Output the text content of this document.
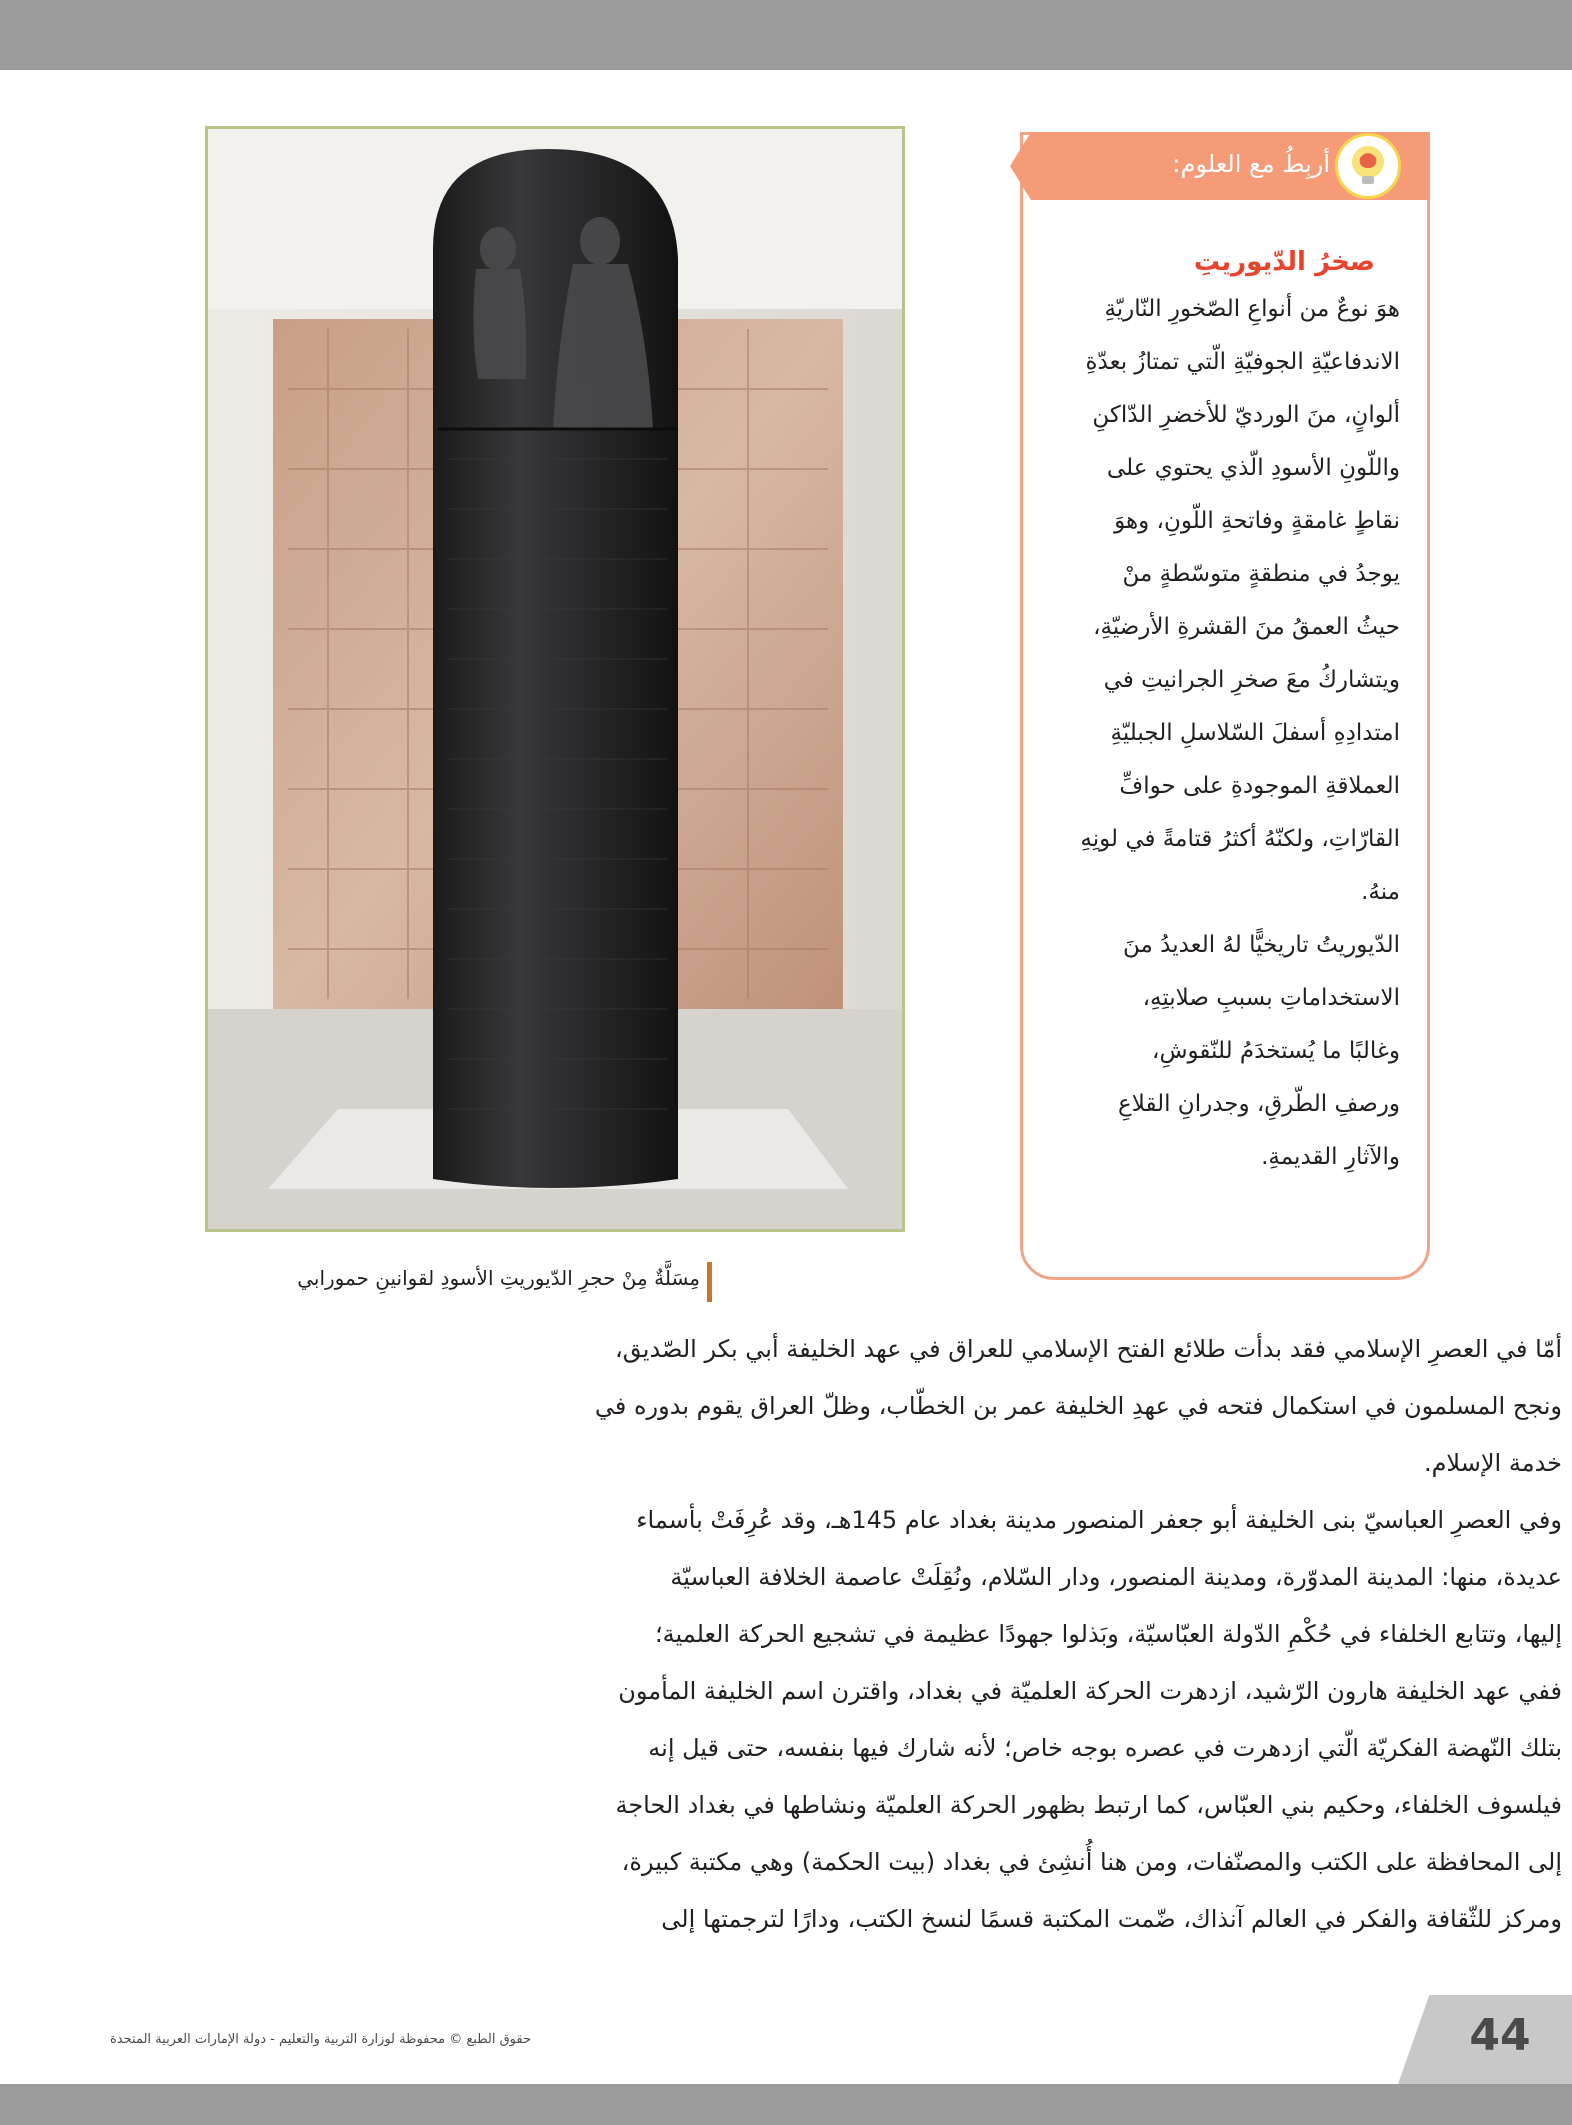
مِسَلَّةٌ مِنْ حجرِ الدّيوريتِ الأسودِ لقوانينِ حمورابي
أربِطُ مع العلوم:
صخرُ الدّيوريتِ
هوَ نوعٌ من أنواعِ الصّخورِ النّاريّةِ
الاندفاعيّةِ الجوفيّةِ الّتي تمتازُ بعدّةِ
ألوانٍ، منَ الورديّ للأخضرِ الدّاكنِ
واللّونِ الأسودِ الّذي يحتوي على
نقاطٍ غامقةٍ وفاتحةِ اللّونِ، وهوَ
يوجدُ في منطقةٍ متوسّطةٍ منْ
حيثُ العمقُ منَ القشرةِ الأرضيّةِ،
ويتشاركُ معَ صخرِ الجرانيتِ في
امتدادِهِ أسفلَ السّلاسلِ الجبليّةِ
العملاقةِ الموجودةِ على حوافِّ
القارّاتِ، ولكنّهُ أكثرُ قتامةً في لونِهِ
منهُ.
الدّيوريتُ تاريخيًّا لهُ العديدُ منَ
الاستخداماتِ بسببِ صلابتِهِ،
وغالبًا ما يُستخدَمُ للنّقوشِ،
ورصفِ الطّرقِ، وجدرانِ القلاعِ
والآثارِ القديمةِ.
أمّا في العصرِ الإسلامي فقد بدأت طلائع الفتح الإسلامي للعراق في عهد الخليفة أبي بكر الصّديق،
ونجح المسلمون في استكمال فتحه في عهدِ الخليفة عمر بن الخطّاب، وظلّ العراق يقوم بدوره في
خدمة الإسلام.
وفي العصرِ العباسيّ بنى الخليفة أبو جعفر المنصور مدينة بغداد عام 145هـ، وقد عُرِفَتْ بأسماء
عديدة، منها: المدينة المدوّرة، ومدينة المنصور، ودار السّلام، ونُقِلَتْ عاصمة الخلافة العباسيّة
إليها، وتتابع الخلفاء في حُكْمِ الدّولة العبّاسيّة، وبَذلوا جهودًا عظيمة في تشجيع الحركة العلمية؛
ففي عهد الخليفة هارون الرّشيد، ازدهرت الحركة العلميّة في بغداد، واقترن اسم الخليفة المأمون
بتلك النّهضة الفكريّة الّتي ازدهرت في عصره بوجه خاص؛ لأنه شارك فيها بنفسه، حتى قيل إنه
فيلسوف الخلفاء، وحكيم بني العبّاس، كما ارتبط بظهور الحركة العلميّة ونشاطها في بغداد الحاجة
إلى المحافظة على الكتب والمصنّفات، ومن هنا أُنشِئ في بغداد (بيت الحكمة) وهي مكتبة كبيرة،
ومركز للثّقافة والفكر في العالم آنذاك، ضّمت المكتبة قسمًا لنسخ الكتب، ودارًا لترجمتها إلى
44
حقوق الطبع © محفوظة لوزارة التربية والتعليم - دولة الإمارات العربية المتحدة
